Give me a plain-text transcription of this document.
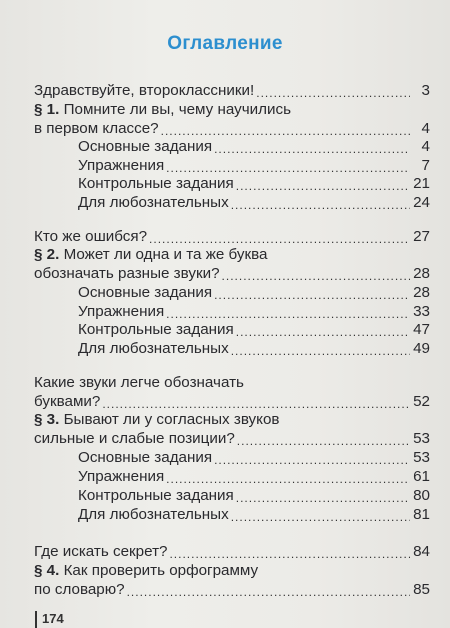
Оглавление
Здравствуйте, второклассники! .....	3
§ 1. Помните ли вы, чему научились
в первом классе? .....	4
Основные задания .....	4
Упражнения .....	7
Контрольные задания .....	21
Для любознательных .....	24
Кто же ошибся? .....	27
§ 2. Может ли одна и та же буква
обозначать разные звуки? .....	28
Основные задания .....	28
Упражнения .....	33
Контрольные задания .....	47
Для любознательных .....	49
Какие звуки легче обозначать
буквами? .....	52
§ 3. Бывают ли у согласных звуков
сильные и слабые позиции? .....	53
Основные задания .....	53
Упражнения .....	61
Контрольные задания .....	80
Для любознательных .....	81
Где искать секрет? .....	84
§ 4. Как проверить орфограмму
по словарю? .....	85
174
